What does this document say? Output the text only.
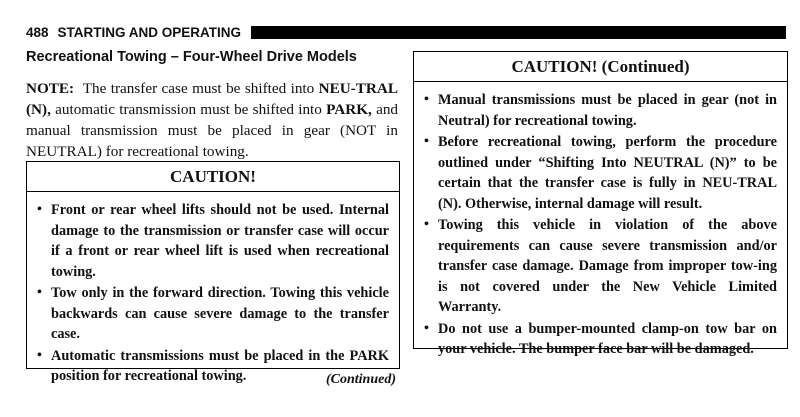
488 STARTING AND OPERATING
Recreational Towing – Four-Wheel Drive Models

NOTE: The transfer case must be shifted into NEU-TRAL (N), automatic transmission must be shifted into PARK, and manual transmission must be placed in gear (NOT in NEUTRAL) for recreational towing.

CAUTION!
• Front or rear wheel lifts should not be used. Internal damage to the transmission or transfer case will occur if a front or rear wheel lift is used when recreational towing.
• Tow only in the forward direction. Towing this vehicle backwards can cause severe damage to the transfer case.
• Automatic transmissions must be placed in the PARK position for recreational towing.	(Continued)
CAUTION! (Continued)
• Manual transmissions must be placed in gear (not in Neutral) for recreational towing.
• Before recreational towing, perform the procedure outlined under “Shifting Into NEUTRAL (N)” to be certain that the transfer case is fully in NEU-TRAL (N). Otherwise, internal damage will result.
• Towing this vehicle in violation of the above requirements can cause severe transmission and/or transfer case damage. Damage from improper tow-ing is not covered under the New Vehicle Limited Warranty.
• Do not use a bumper-mounted clamp-on tow bar on your vehicle. The bumper face bar will be damaged.
